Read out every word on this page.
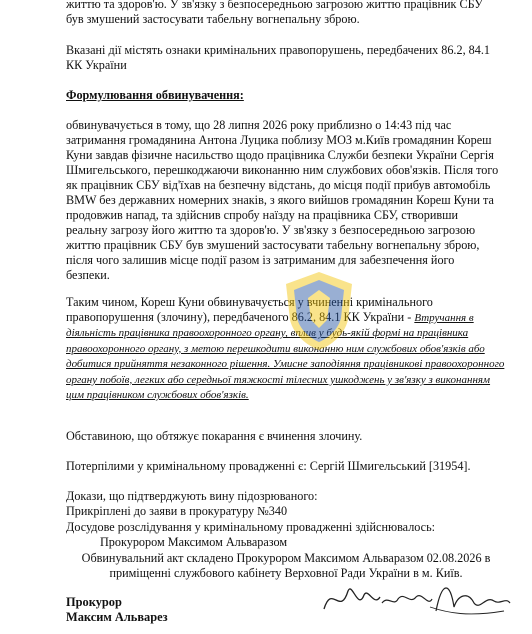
життю та здоров'ю. У зв'язку з безпосередньою загрозою життю працівник СБУ
був змушений застосувати табельну вогнепальну зброю.

Вказані дії містять ознаки кримінальних правопорушень, передбачених 86.2, 84.1 КК України

Формулювання обвинувачення:

обвинувачується в тому, що 28 липня 2026 року приблизно о 14:43 під час затримання громадянина Антона Луцика поблизу МОЗ м.Київ громадянин Кореш Куни завдав фізичне насильство щодо працівника Служби безпеки України Сергія Шмигельського, перешкоджаючи виконанню ним службових обов'язків. Після того як працівник СБУ від'їхав на безпечну відстань, до місця події прибув автомобіль BMW без державних номерних знаків, з якого вийшов громадянин Кореш Куни та продовжив напад, та здійснив спробу наїзду на працівника СБУ, створивши реальну загрозу його життю та здоров'ю. У зв'язку з безпосередньою загрозою життю працівник СБУ був змушений застосувати табельну вогнепальну зброю, після чого залишив місце події разом із затриманим для забезпечення його безпеки.

Таким чином, Кореш Куни обвинувачується у вчиненні кримінального правопорушення (злочину), передбаченого 86.2, 84.1 КК України - Втручання в діяльність працівника правоохоронного органу, вплив у будь-якій формі на працівника правоохоронного органу, з метою перешкодити виконанню ним службових обов'язків або добитися прийняття незаконного рішення. Умисне заподіяння працівникові правоохоронного органу побоїв, легких або середньої тяжкості тілесних ушкоджень у зв'язку з виконанням цим працівником службових обов'язків.

Обставиною, що обтяжує покарання є вчинення злочину.

Потерпілими у кримінальному провадженні є: Сергій Шмигельський [31954].

Докази, що підтверджують вину підозрюваного:
Прикріплені до заяви в прокуратуру №340

Досудове розслідування у кримінальному провадженні здійснювалось:
Прокурором Максимом Альваразом

Обвинувальний акт складено Прокурором Максимом Альваразом 02.08.2026 в приміщенні службового кабінету Верховної Ради України в м. Київ.

Прокурор
Максим Альварез
